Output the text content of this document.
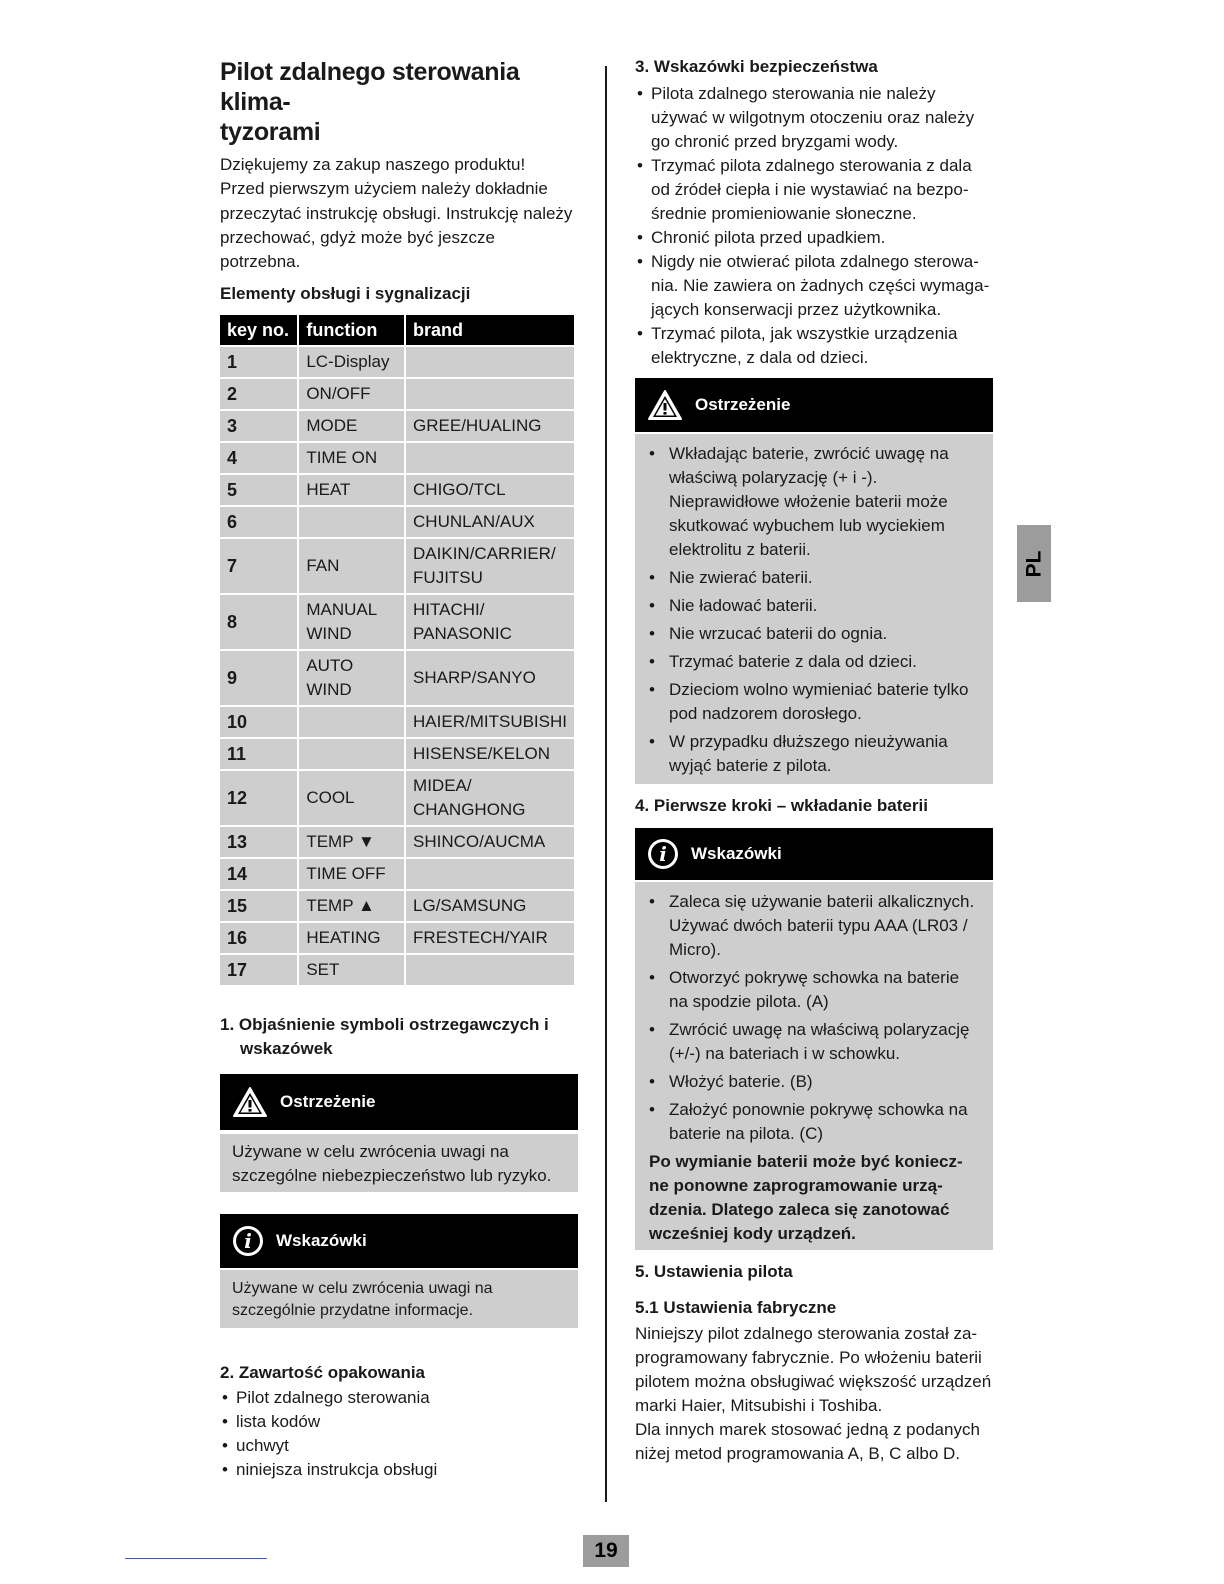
Pilot zdalnego sterowania klima-
tyzorami

Dziękujemy za zakup naszego produktu!
Przed pierwszym użyciem należy dokładnie
przeczytać instrukcję obsługi. Instrukcję należy
przechować, gdyż może być jeszcze potrzebna.

Elementy obsługi i sygnalizacji
key no.	function	brand
1	LC-Display	
2	ON/OFF	
3	MODE	GREE/HUALING
4	TIME ON	
5	HEAT	CHIGO/TCL
6		CHUNLAN/AUX
7	FAN	DAIKIN/CARRIER/ FUJITSU
8	MANUAL WIND	HITACHI/ PANASONIC
9	AUTO WIND	SHARP/SANYO
10		HAIER/MITSUBISHI
11		HISENSE/KELON
12	COOL	MIDEA/ CHANGHONG
13	TEMP ▼	SHINCO/AUCMA
14	TIME OFF	
15	TEMP ▲	LG/SAMSUNG
16	HEATING	FRESTECH/YAIR
17	SET	
1. Objaśnienie symboli ostrzegawczych i
wskazówek
Ostrzeżenie
Używane w celu zwrócenia uwagi na
szczególne niebezpieczeństwo lub ryzyko.
i Wskazówki
Używane w celu zwrócenia uwagi na
szczególnie przydatne informacje.
2. Zawartość opakowania
• Pilot zdalnego sterowania
• lista kodów
• uchwyt
• niniejsza instrukcja obsługi
3. Wskazówki bezpieczeństwa
• Pilota zdalnego sterowania nie należy używać w wilgotnym otoczeniu oraz należy go chronić przed bryzgami wody.
• Trzymać pilota zdalnego sterowania z dala od źródeł ciepła i nie wystawiać na bezpo-średnie promieniowanie słoneczne.
• Chronić pilota przed upadkiem.
• Nigdy nie otwierać pilota zdalnego sterowa-nia. Nie zawiera on żadnych części wymaga-jących konserwacji przez użytkownika.
• Trzymać pilota, jak wszystkie urządzenia elektryczne, z dala od dzieci.
Ostrzeżenie
• Wkładając baterie, zwrócić uwagę na właściwą polaryzację (+ i -). Nieprawidłowe włożenie baterii może skutkować wybuchem lub wyciekiem elektrolitu z baterii.
• Nie zwierać baterii.
• Nie ładować baterii.
• Nie wrzucać baterii do ognia.
• Trzymać baterie z dala od dzieci.
• Dzieciom wolno wymieniać baterie tylko pod nadzorem dorosłego.
• W przypadku dłuższego nieużywania wyjąć baterie z pilota.
4. Pierwsze kroki – wkładanie baterii
i Wskazówki
• Zaleca się używanie baterii alkalicznych. Używać dwóch baterii typu AAA (LR03 / Micro).
• Otworzyć pokrywę schowka na baterie na spodzie pilota. (A)
• Zwrócić uwagę na właściwą polaryzację (+/-) na bateriach i w schowku.
• Włożyć baterie. (B)
• Założyć ponownie pokrywę schowka na baterie na pilota. (C)

Po wymianie baterii może być koniecz-ne ponowne zaprogramowanie urzą-dzenia. Dlatego zaleca się zanotować wcześniej kody urządzeń.

5. Ustawienia pilota
5.1 Ustawienia fabryczne

Niniejszy pilot zdalnego sterowania został za-
programowany fabrycznie. Po włożeniu baterii
pilotem można obsługiwać większość urządzeń
marki Haier, Mitsubishi i Toshiba.
Dla innych marek stosować jedną z podanych
niżej metod programowania A, B, C albo D.

PL
19
